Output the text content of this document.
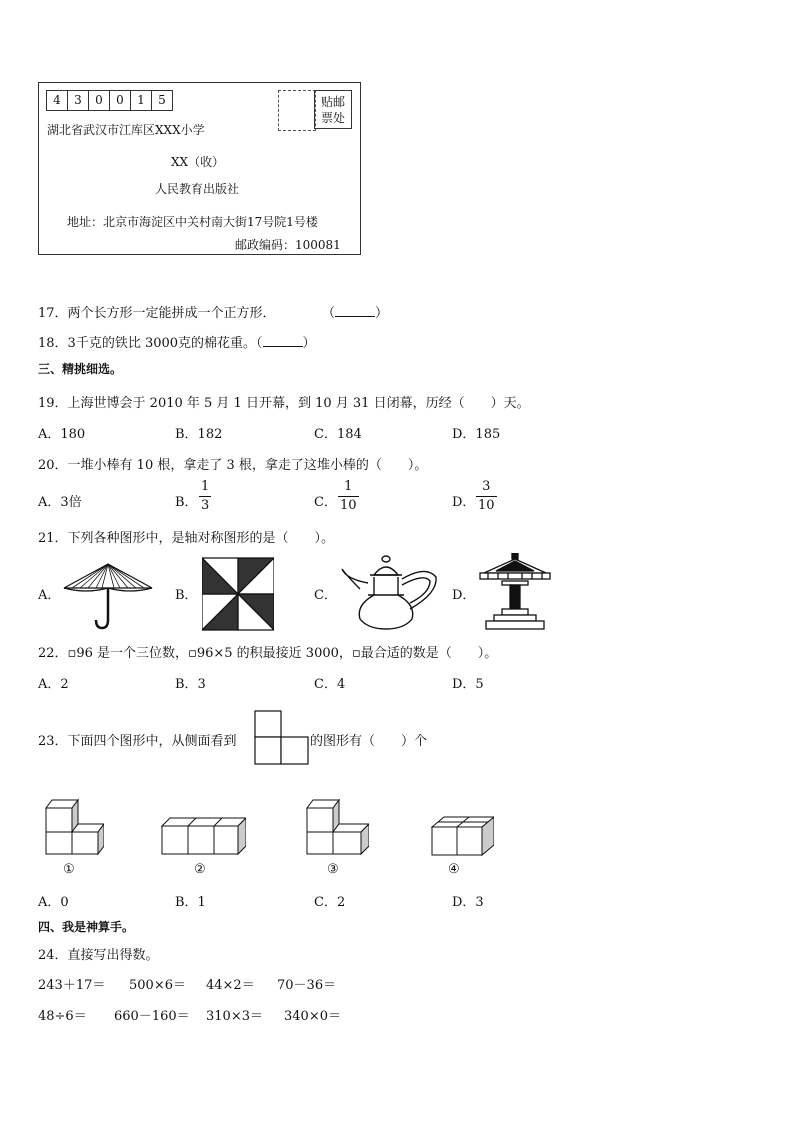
4	3	0	0	1	5	贴邮
票处
湖北省武汉市江库区XXX小学
XX（收）
人民教育出版社
地址：北京市海淀区中关村南大街17号院1号楼
邮政编码：100081
17．两个长方形一定能拼成一个正方形．	（	）
18．3千克的铁比 3000克的棉花重。（	）
三、精挑细选。
19．上海世博会于 2010 年 5 月 1 日开幕，到 10 月 31 日闭幕，历经（　　）天。
A．180	B．182	C．184	D．185
20．一堆小棒有 10 根，拿走了 3 根，拿走了这堆小棒的（　　）。
A．3倍	B．
1
3	C．
1
10	D．
3
10
21．下列各种图形中，是轴对称图形的是（　　）。
A．	B．	C．	D．
22．▫96 是一个三位数，▫96×5 的积最接近 3000，▫最合适的数是（　　）。
A．2	B．3	C．4	D．5
23．下面四个图形中，从侧面看到	的图形有（　　）个
①	②	③	④
A．0	B．1	C．2	D．3
四、我是神算手。
24．直接写出得数。
243＋17＝ 500×6＝ 44×2＝ 70－36＝
48÷6＝ 660－160＝ 310×3＝ 340×0＝
